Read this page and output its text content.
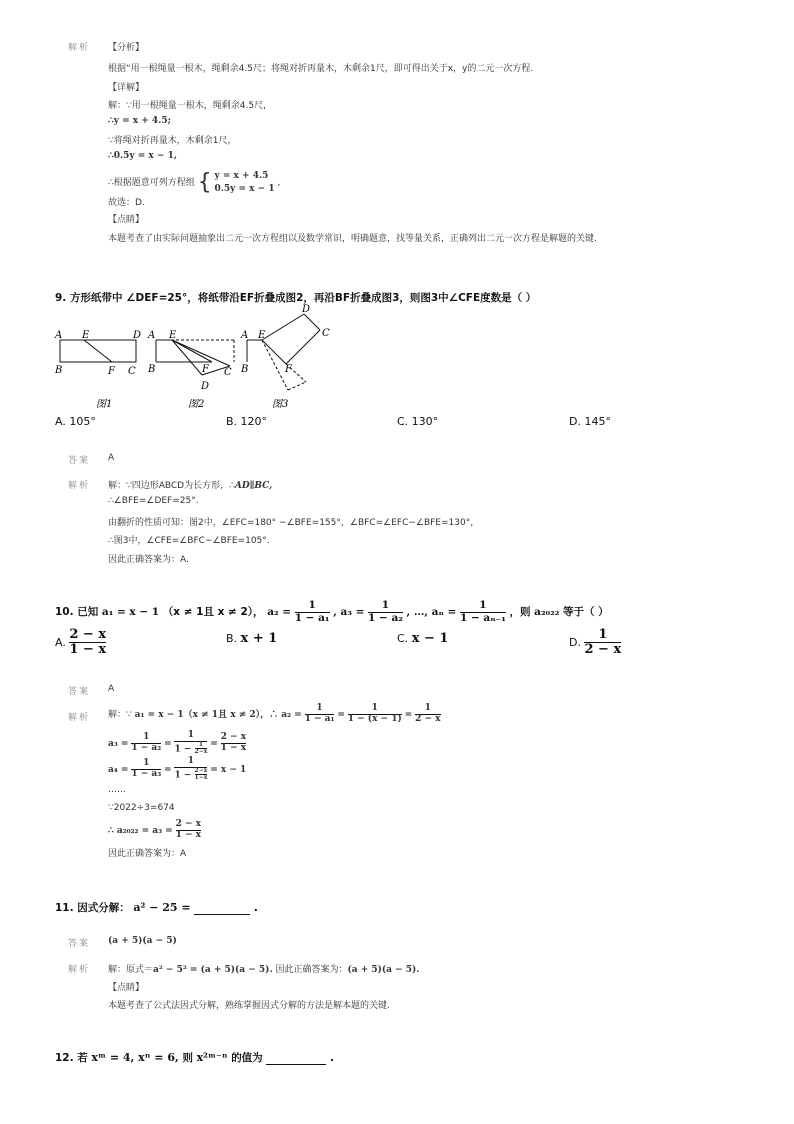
解析 【分析】
根据“用一根绳量一根木，绳剩余4.5尺；将绳对折再量木，木剩余1尺，即可得出关于x，y的二元一次方程.
【详解】
解：∵用一根绳量一根木，绳剩余4.5尺，
∴y = x + 4.5;
∵将绳对折再量木，木剩余1尺，
∴0.5y = x − 1,
∴根据题意可列方程组 { y = x + 4.5
0.5y = x − 1
,
故选：D.
【点睛】
本题考查了由实际问题抽象出二元一次方程组以及数学常识，明确题意，找等量关系，正确列出二元一次方程是解题的关键.
9. 方形纸带中 ∠DEF=25°，将纸带沿EF折叠成图2，再沿BF折叠成图3，则图3中∠CFE度数是（ ）
A E	D
B	F C
图1
A E
B	F C
D
图2
A E
D
C
B	F
图3
A. 105°	B. 120°	C. 130°	D. 145°
答案 A
解析 解：∵四边形ABCD为长方形，∴AD∥BC,
∴∠BFE=∠DEF=25°.
由翻折的性质可知：图2中，∠EFC=180° −∠BFE=155°，∠BFC=∠EFC−∠BFE=130°，
∴图3中，∠CFE=∠BFC−∠BFE=105°.
因此正确答案为：A.
10. 已知 a₁ = x − 1 （x ≠ 1且 x ≠ 2）， $a_2 = \frac{1}{\text{1 − a₁}}$ , $a_3 = \frac{1}{\text{1 − a₂}}$ , …, $a_n = \frac{1}{\text{1 − aₙ₋₁}}$ ，则 a₂₀₂₂ 等于（ ）
A. $\frac{2 - x}{1 - x}$	B. x + 1	C. x − 1	D. $\frac{1}{2 - x}$
答案 A
解析 解：∵ a₁ = x − 1（x ≠ 1且 x ≠ 2），∴ $a_2 = \frac{1}{\text{1 − a₁}} = \frac{1}{1 - (x - 1)} = \frac{1}{2 - x}$
$a_3 = \frac{1}{\text{1 − a₂}} = \frac{1}{1 - \frac{1}{2-x}} = \frac{2 - x}{1 - x}$
$a_4 = \frac{1}{\text{1 − a₃}} = \frac{1}{1 - \frac{2-x}{1-x}} = x - 1$
……
∵2022÷3=674
∴ $a_{2022} = a_3 = \frac{2 - x}{1 - x}$
因此正确答案为：A
11. 因式分解： a² − 25 =	.
答案 (a + 5)(a − 5)
解析 解：原式＝a² − 5² = (a + 5)(a − 5). 因此正确答案为：(a + 5)(a − 5).
【点睛】
本题考查了公式法因式分解，熟练掌握因式分解的方法是解本题的关键.
12. 若 xᵐ = 4, xⁿ = 6, 则 x²ᵐ⁻ⁿ 的值为	.
